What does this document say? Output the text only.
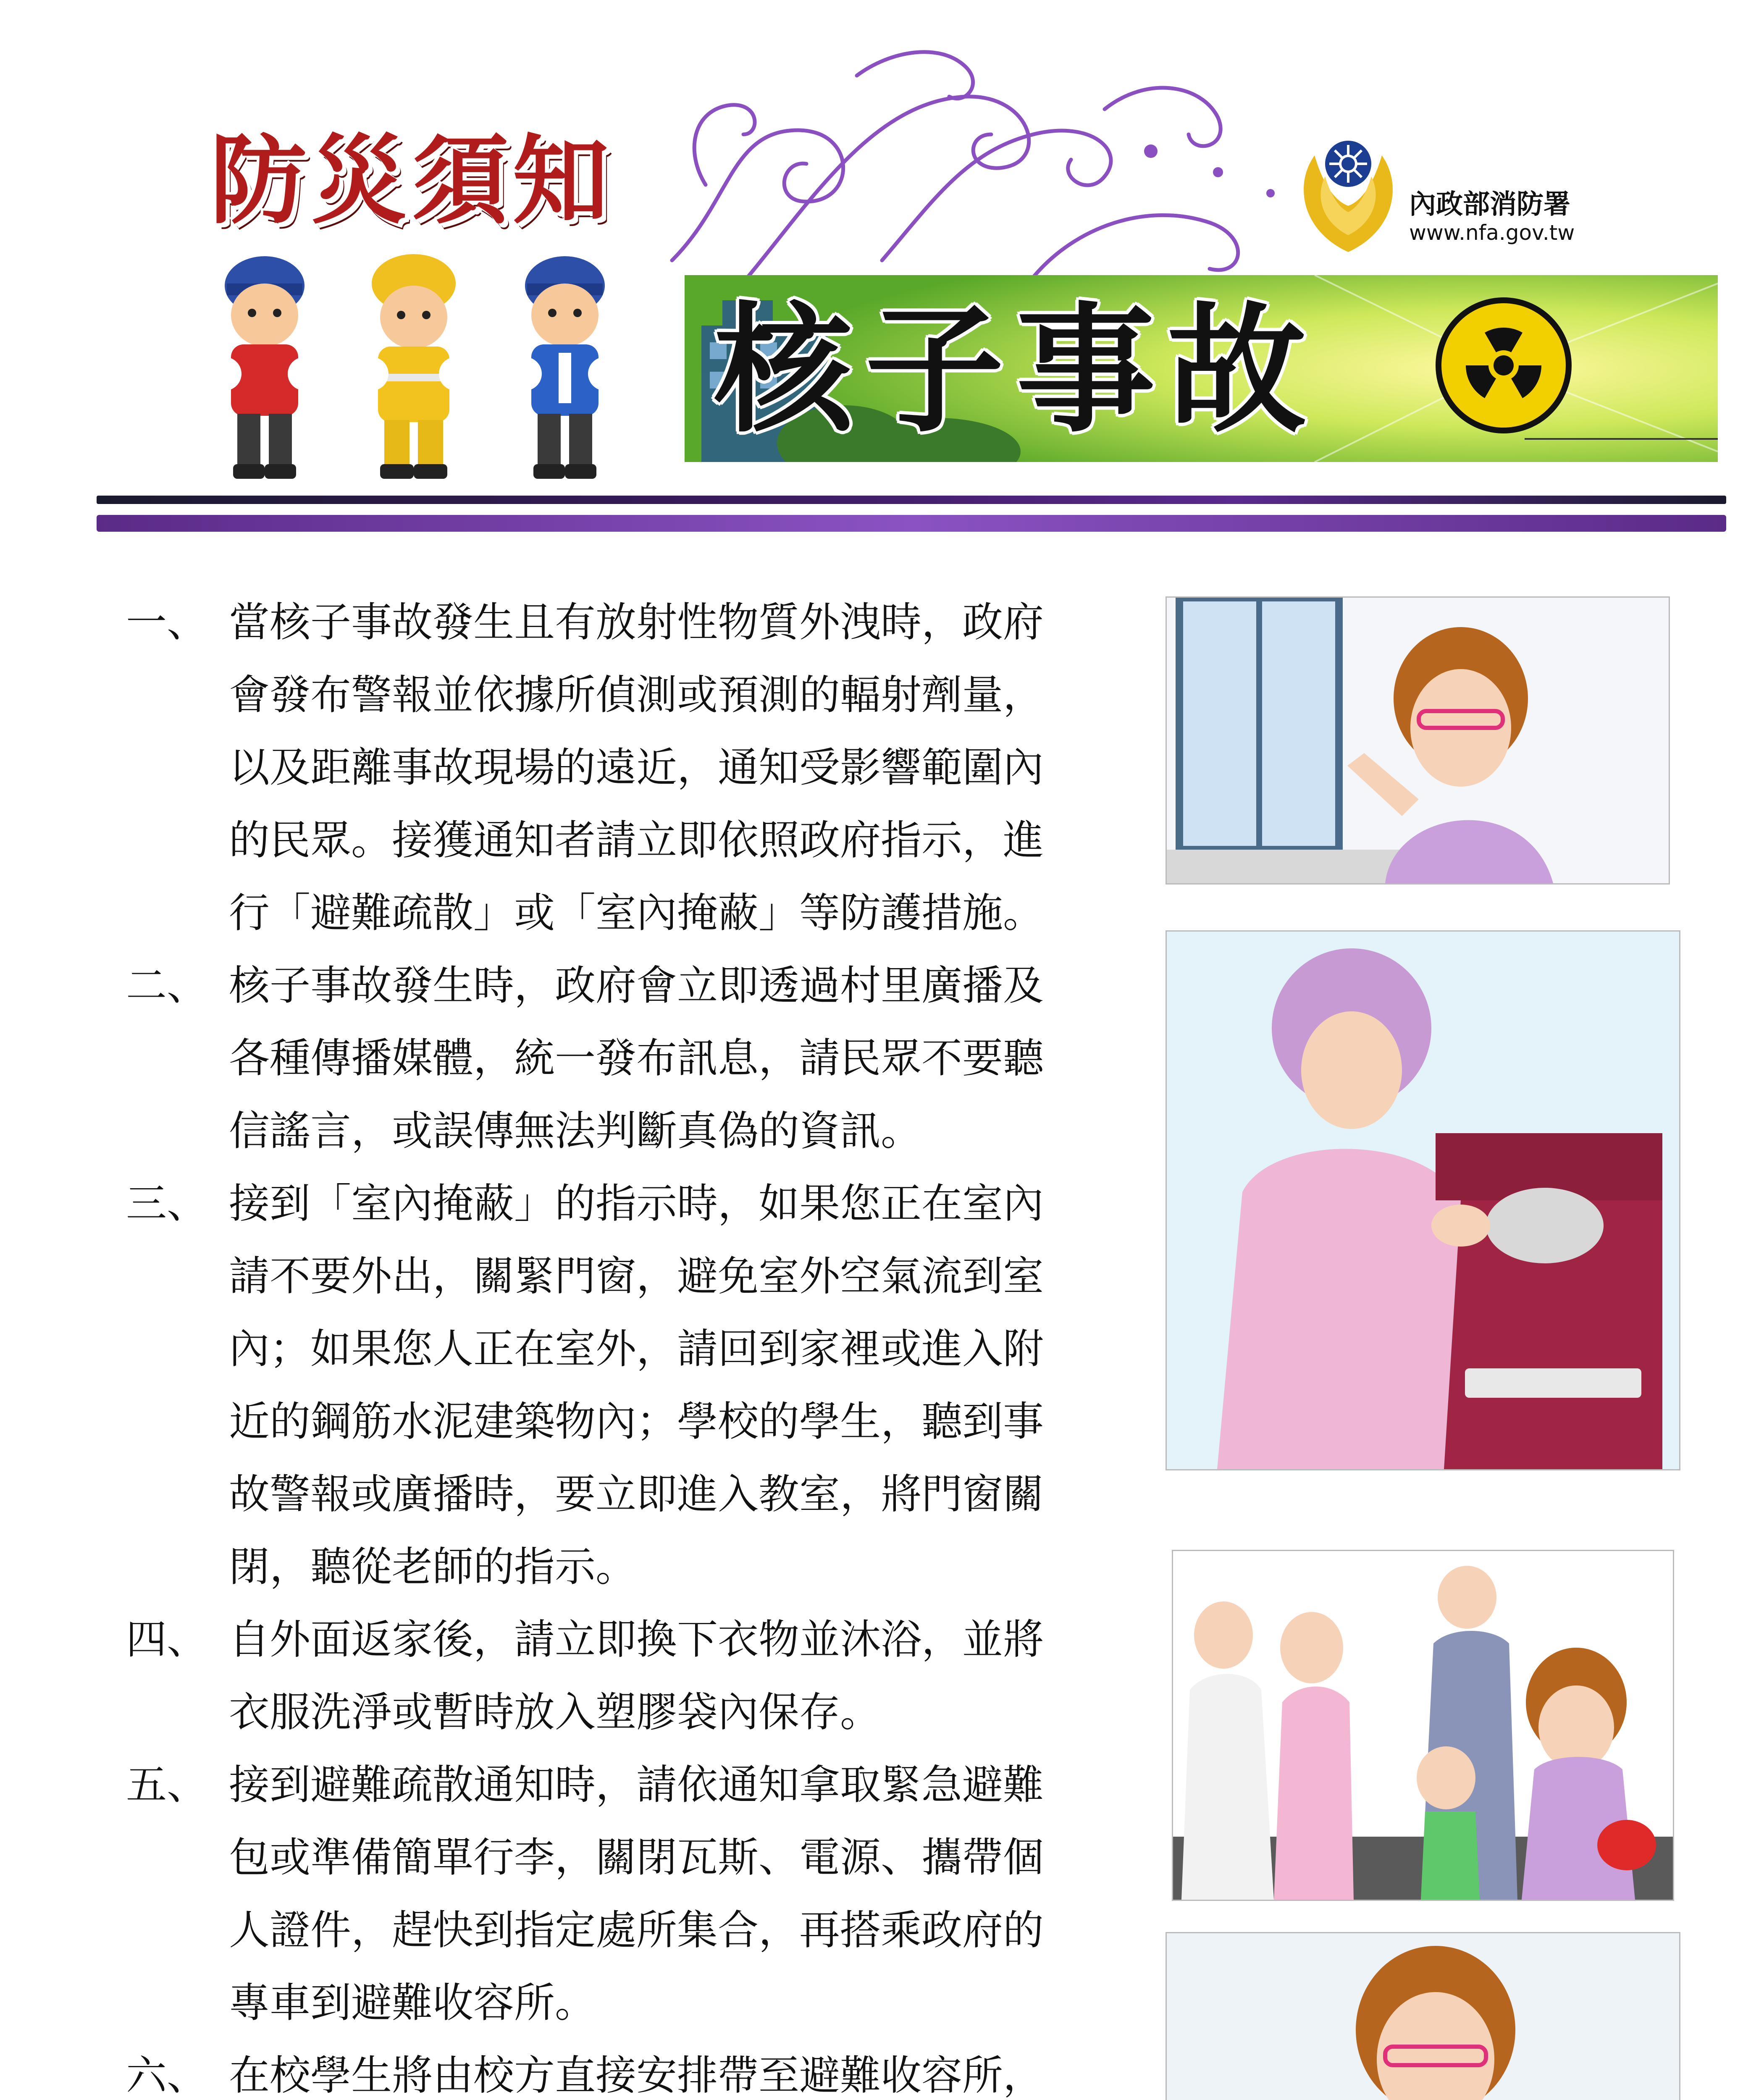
防災須知	內政部消防署
www.nfa.gov.tw
核子事故
一、 當核子事故發生且有放射性物質外洩時，政府
會發布警報並依據所偵測或預測的輻射劑量，
以及距離事故現場的遠近，通知受影響範圍內
的民眾。接獲通知者請立即依照政府指示，進
行「避難疏散」或「室內掩蔽」等防護措施。
二、 核子事故發生時，政府會立即透過村里廣播及
各種傳播媒體，統一發布訊息，請民眾不要聽
信謠言，或誤傳無法判斷真偽的資訊。
三、 接到「室內掩蔽」的指示時，如果您正在室內
請不要外出，關緊門窗，避免室外空氣流到室
內；如果您人正在室外，請回到家裡或進入附
近的鋼筋水泥建築物內；學校的學生，聽到事
故警報或廣播時，要立即進入教室，將門窗關
閉，聽從老師的指示。
四、 自外面返家後，請立即換下衣物並沐浴，並將
衣服洗淨或暫時放入塑膠袋內保存。
五、 接到避難疏散通知時，請依通知拿取緊急避難
包或準備簡單行李，關閉瓦斯、電源、攜帶個
人證件，趕快到指定處所集合，再搭乘政府的
專車到避難收容所。
六、 在校學生將由校方直接安排帶至避難收容所，
